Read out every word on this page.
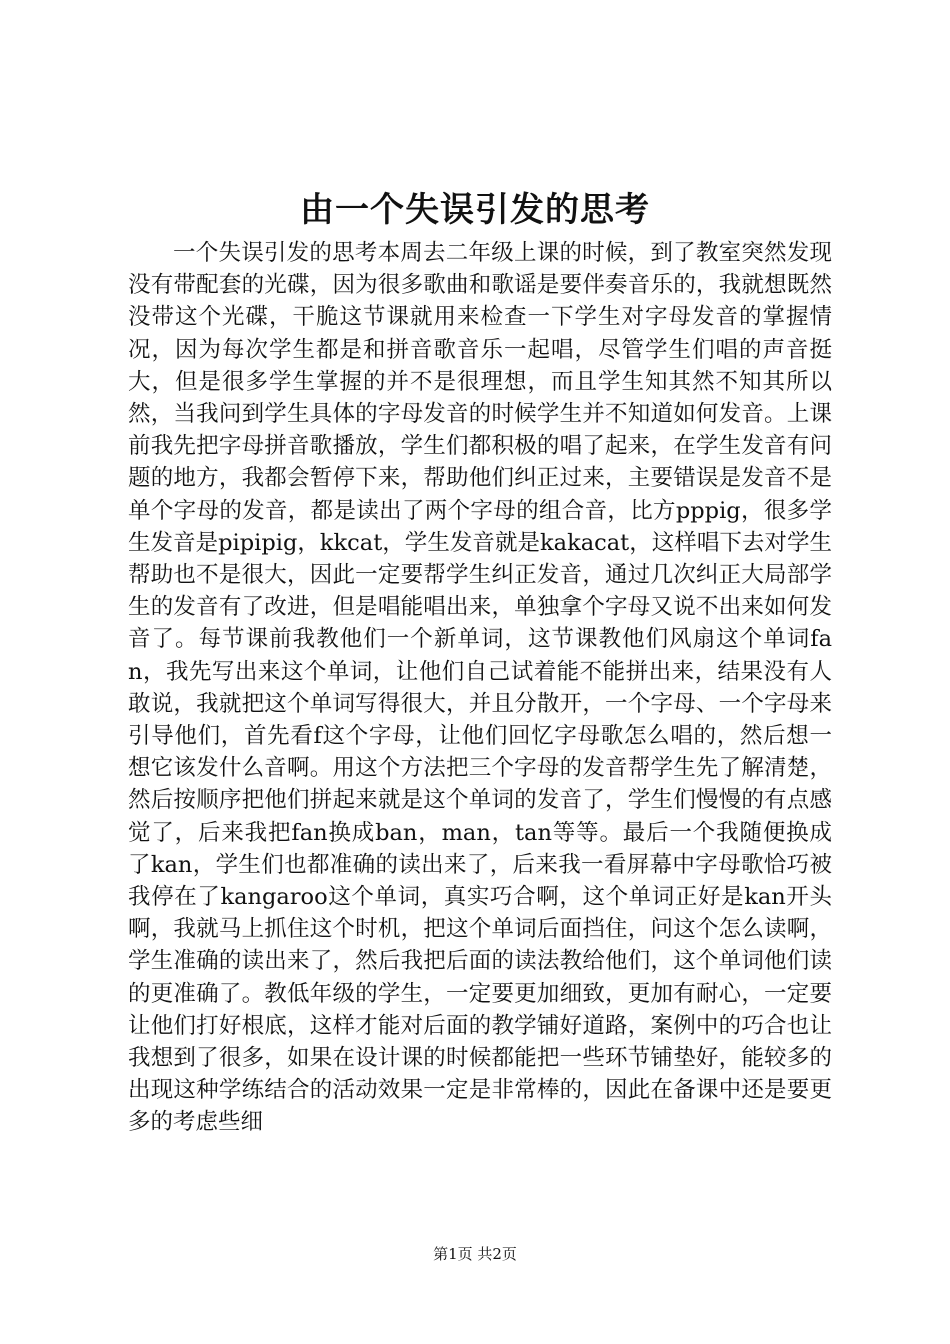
由一个失误引发的思考

一个失误引发的思考本周去二年级上课的时候，到了教室突然发现没有带配套的光碟，因为很多歌曲和歌谣是要伴奏音乐的，我就想既然没带这个光碟，干脆这节课就用来检查一下学生对字母发音的掌握情况，因为每次学生都是和拼音歌音乐一起唱，尽管学生们唱的声音挺大，但是很多学生掌握的并不是很理想，而且学生知其然不知其所以然，当我问到学生具体的字母发音的时候学生并不知道如何发音。上课前我先把字母拼音歌播放，学生们都积极的唱了起来，在学生发音有问题的地方，我都会暂停下来，帮助他们纠正过来，主要错误是发音不是单个字母的发音，都是读出了两个字母的组合音，比方pppig，很多学生发音是pipipig，kkcat，学生发音就是kakacat，这样唱下去对学生帮助也不是很大，因此一定要帮学生纠正发音，通过几次纠正大局部学生的发音有了改进，但是唱能唱出来，单独拿个字母又说不出来如何发音了。每节课前我教他们一个新单词，这节课教他们风扇这个单词fan，我先写出来这个单词，让他们自己试着能不能拼出来，结果没有人敢说，我就把这个单词写得很大，并且分散开，一个字母、一个字母来引导他们，首先看f这个字母，让他们回忆字母歌怎么唱的，然后想一想它该发什么音啊。用这个方法把三个字母的发音帮学生先了解清楚，然后按顺序把他们拼起来就是这个单词的发音了，学生们慢慢的有点感觉了，后来我把fan换成ban，man，tan等等。最后一个我随便换成了kan，学生们也都准确的读出来了，后来我一看屏幕中字母歌恰巧被我停在了kangaroo这个单词，真实巧合啊，这个单词正好是kan开头啊，我就马上抓住这个时机，把这个单词后面挡住，问这个怎么读啊，学生准确的读出来了，然后我把后面的读法教给他们，这个单词他们读的更准确了。教低年级的学生，一定要更加细致，更加有耐心，一定要让他们打好根底，这样才能对后面的教学铺好道路，案例中的巧合也让我想到了很多，如果在设计课的时候都能把一些环节铺垫好，能较多的出现这种学练结合的活动效果一定是非常棒的，因此在备课中还是要更多的考虑些细

第1页 共2页
